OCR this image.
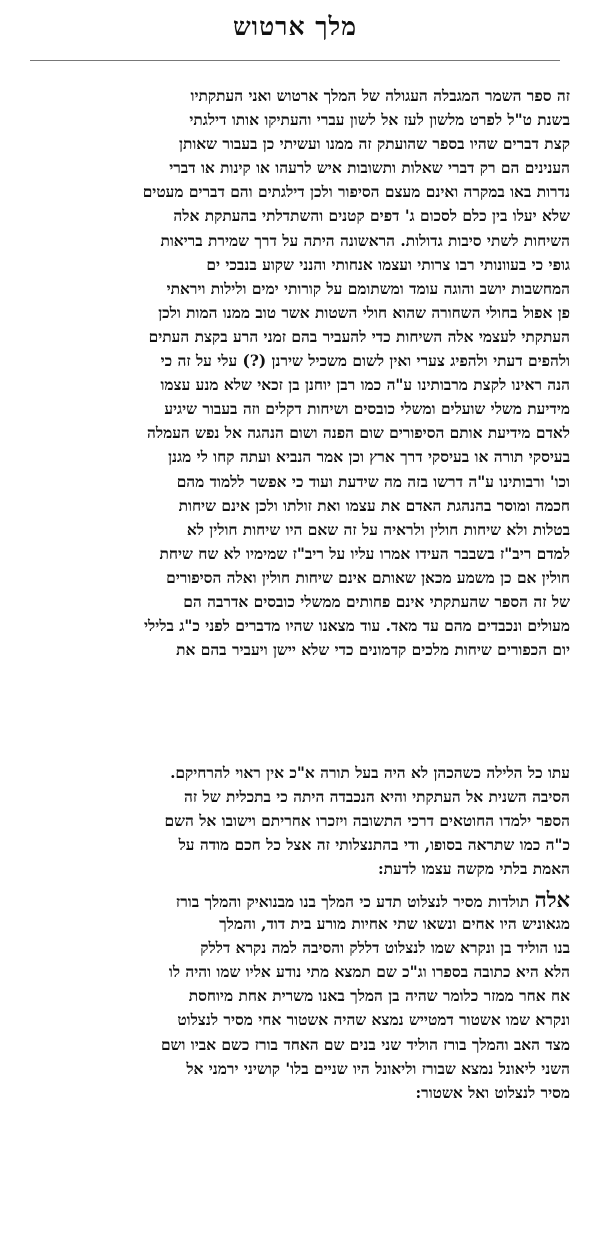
מלך ארטוש
זה ספר השמר המגבלה העגולה של המלך ארטוש ואני העתקתיו
בשנת ט"ל לפרט מלשון לעז אל לשון עברי והעתיקו אותו דילגתי
קצת דברים שהיו בספר שהועתק זה ממנו ועשיתי כן בעבור שאותן
הענינים הם רק דברי שאלות ותשובות איש לרעהו או קינות או דברי
נדרות באו במקרה ואינם מעצם הסיפור ולכן דילגתים והם דברים מעטים
שלא יעלו בין כלם לסכום ג' דפים קטנים והשתדלתי בהעתקת אלה
השיחות לשתי סיבות גדולות. הראשונה היתה על דרך שמירת בריאות
גופי כי בעוונותי רבו צרותי ועצמו אנחותי והנני שקוע בנבכי ים
המחשבות יושב והוגה עומד ומשתומם על קורותי ימים ולילות ויראתי
פן אפול בחולי השחורה שהוא חולי השטות אשר טוב ממנו המות ולכן
העתקתי לעצמי אלה השיחות כדי להעביר בהם זמני הרע בקצת העתים
ולהפים דעתי ולהפיג צערי ואין לשום משכיל שירנן (?) עלי על זה כי
הנה ראינו לקצת מרבותינו ע"ה כמו רבן יוחנן בן זכאי שלא מנע עצמו
מידיעת משלי שועלים ומשלי כובסים ושיחות דקלים וזה בעבור שיגיע
לאדם מידיעת אותם הסיפורים שום הפנה ושום הנהגה אל נפש העמלה
בעיסקי תורה או בעיסקי דרך ארץ וכן אמר הנביא ועתה קחו לי מגנן
וכו' ורבותינו ע"ה דרשו בזה מה שידעת ועוד כי אפשר ללמוד מהם
חכמה ומוסר בהנהגת האדם את עצמו ואת זולתו ולכן אינם שיחות
בטלות ולא שיחות חולין ולראיה על זה שאם היו שיחות חולין לא
למדם ריב"ז בשבבר העידו אמרו עליו על ריב"ז שמימיו לא שח שיחת
חולין אם כן משמע מכאן שאותם אינם שיחות חולין ואלה הסיפורים
של זה הספר שהעתקתי אינם פחותים ממשלי כובסים אדרבה הם
מעולים ונכבדים מהם עד מאד. עוד מצאנו שהיו מדברים לפני כ"ג בלילי
יום הכפורים שיחות מלכים קדמונים כדי שלא יישן ויעביר בהם את
עתו כל הלילה כשהכהן לא היה בעל תורה א"כ אין ראוי להרחיקם.
הסיבה השנית אל העתקתי והיא הנכבדה היתה כי בתכלית של זה
הספר ילמדו החוטאים דרכי התשובה ויזכרו אחריתם וישובו אל השם
כ"ה כמו שתראה בסופו, ודי בהתנצלותי זה אצל כל חכם מודה על
האמת בלתי מקשה עצמו לדעת:
אלה תולדות מסיר לנצלוט תדע כי המלך בנו מבנואיק והמלך בורז
מגאוניש היו אחים ונשאו שתי אחיות מורע בית דוד, והמלך
בנו הוליד בן ונקרא שמו לנצלוט דללק והסיבה למה נקרא דללק
הלא היא כתובה בספרו וג"כ שם תמצא מתי נודע אליו שמו והיה לו
אח אחר ממזר כלומר שהיה בן המלך באנו משרית אחת מיוחסת
ונקרא שמו אשטור דמטייש נמצא שהיה אשטור אחי מסיר לנצלוט
מצד האב והמלך בורז הוליד שני בנים שם האחד בורז כשם אביו ושם
השני ליאונל נמצא שבורז וליאונל היו שניים בלו' קושיני ירמני אל
מסיר לנצלוט ואל אשטור:
